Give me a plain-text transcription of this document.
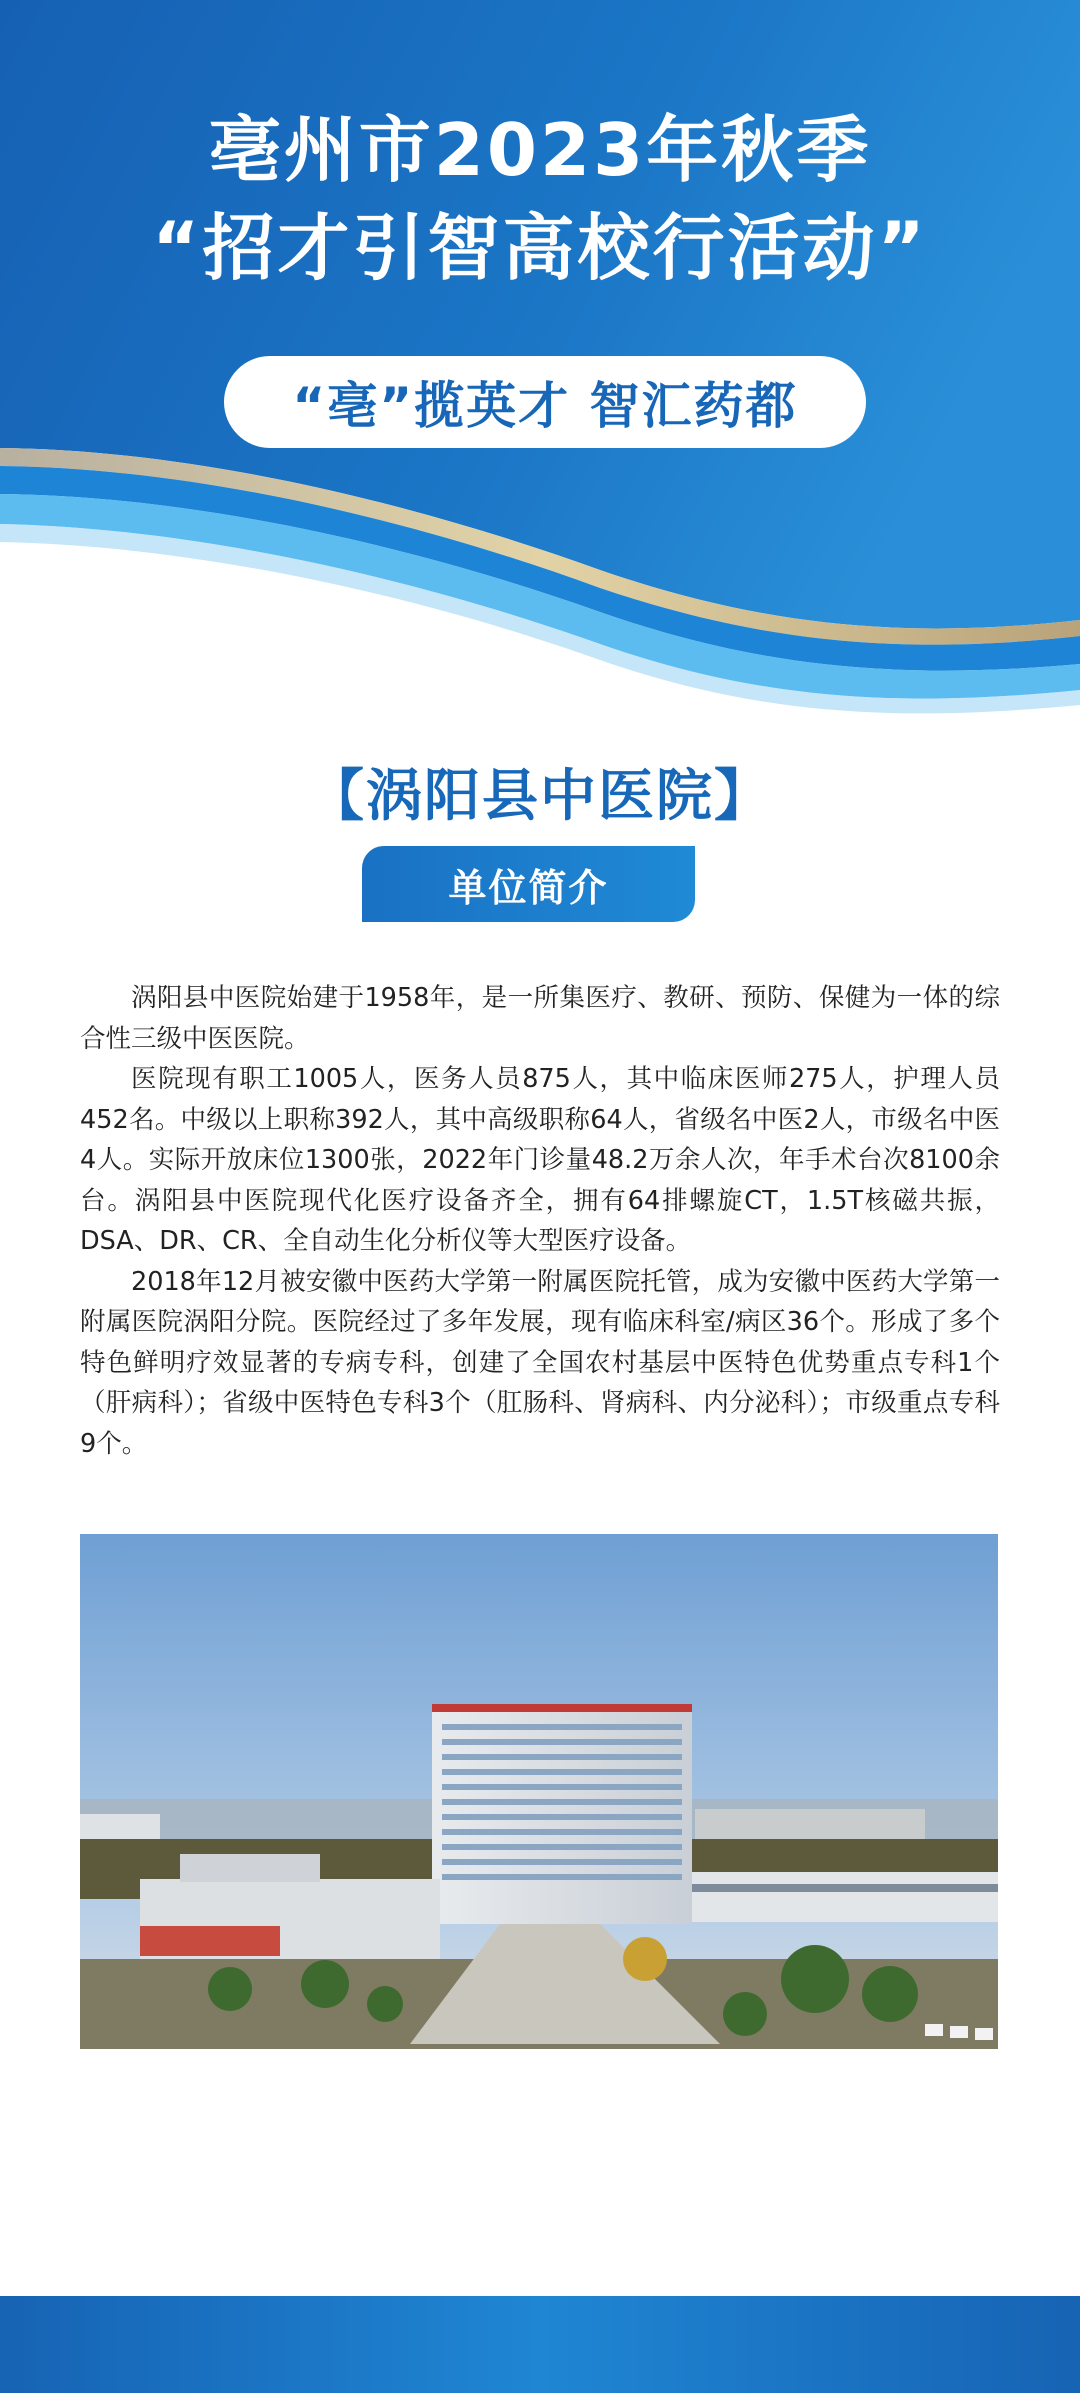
亳州市2023年秋季
“招才引智高校行活动”
“亳”揽英才 智汇药都
【涡阳县中医院】
单位简介

涡阳县中医院始建于1958年，是一所集医疗、教研、预防、保健为一体的综合性三级中医医院。

医院现有职工1005人，医务人员875人，其中临床医师275人，护理人员452名。中级以上职称392人，其中高级职称64人，省级名中医2人，市级名中医4人。实际开放床位1300张，2022年门诊量48.2万余人次，年手术台次8100余台。涡阳县中医院现代化医疗设备齐全，拥有64排螺旋CT，1.5T核磁共振，DSA、DR、CR、全自动生化分析仪等大型医疗设备。

2018年12月被安徽中医药大学第一附属医院托管，成为安徽中医药大学第一附属医院涡阳分院。医院经过了多年发展，现有临床科室/病区36个。形成了多个特色鲜明疗效显著的专病专科，创建了全国农村基层中医特色优势重点专科1个（肝病科）；省级中医特色专科3个（肛肠科、肾病科、内分泌科）；市级重点专科9个。
